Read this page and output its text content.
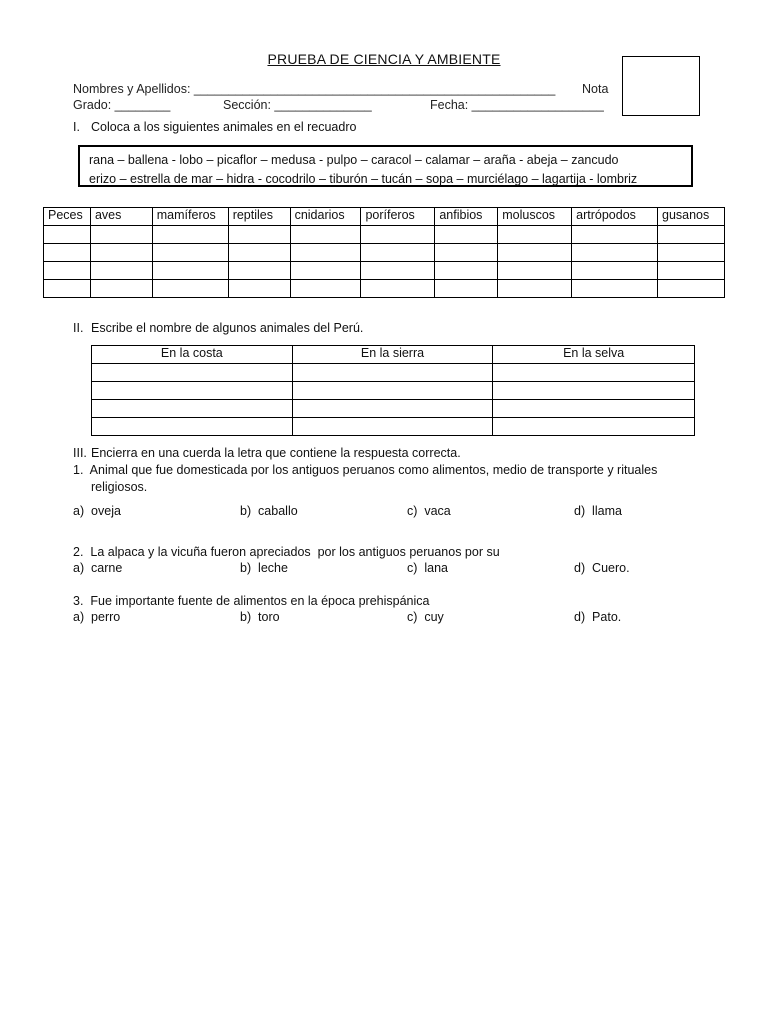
PRUEBA DE CIENCIA Y AMBIENTE
Nombres y Apellidos: ____________________________________________________ Nota
Grado: ________	Sección: ______________	Fecha: ___________________
I. Coloca a los siguientes animales en el recuadro
rana – ballena - lobo – picaflor – medusa - pulpo – caracol – calamar – araña - abeja – zancudo
erizo – estrella de mar – hidra - cocodrilo – tiburón – tucán – sopa – murciélago – lagartija - lombriz
Peces	aves	mamíferos	reptiles	cnidarios	poríferos	anfibios	moluscos	artrópodos	gusanos

II. Escribe el nombre de algunos animales del Perú.
En la costa	En la sierra	En la selva

III. Encierra en una cuerda la letra que contiene la respuesta correcta.
1.  Animal que fue domesticada por los antiguos peruanos como alimentos, medio de transporte y rituales
religiosos.
a)  oveja	b)  caballo	c)  vaca	d)  llama
2.  La alpaca y la vicuña fueron apreciados  por los antiguos peruanos por su
a)  carne	b)  leche	c)  lana	d)  Cuero.
3.  Fue importante fuente de alimentos en la época prehispánica
a)  perro	b)  toro	c)  cuy	d)  Pato.
